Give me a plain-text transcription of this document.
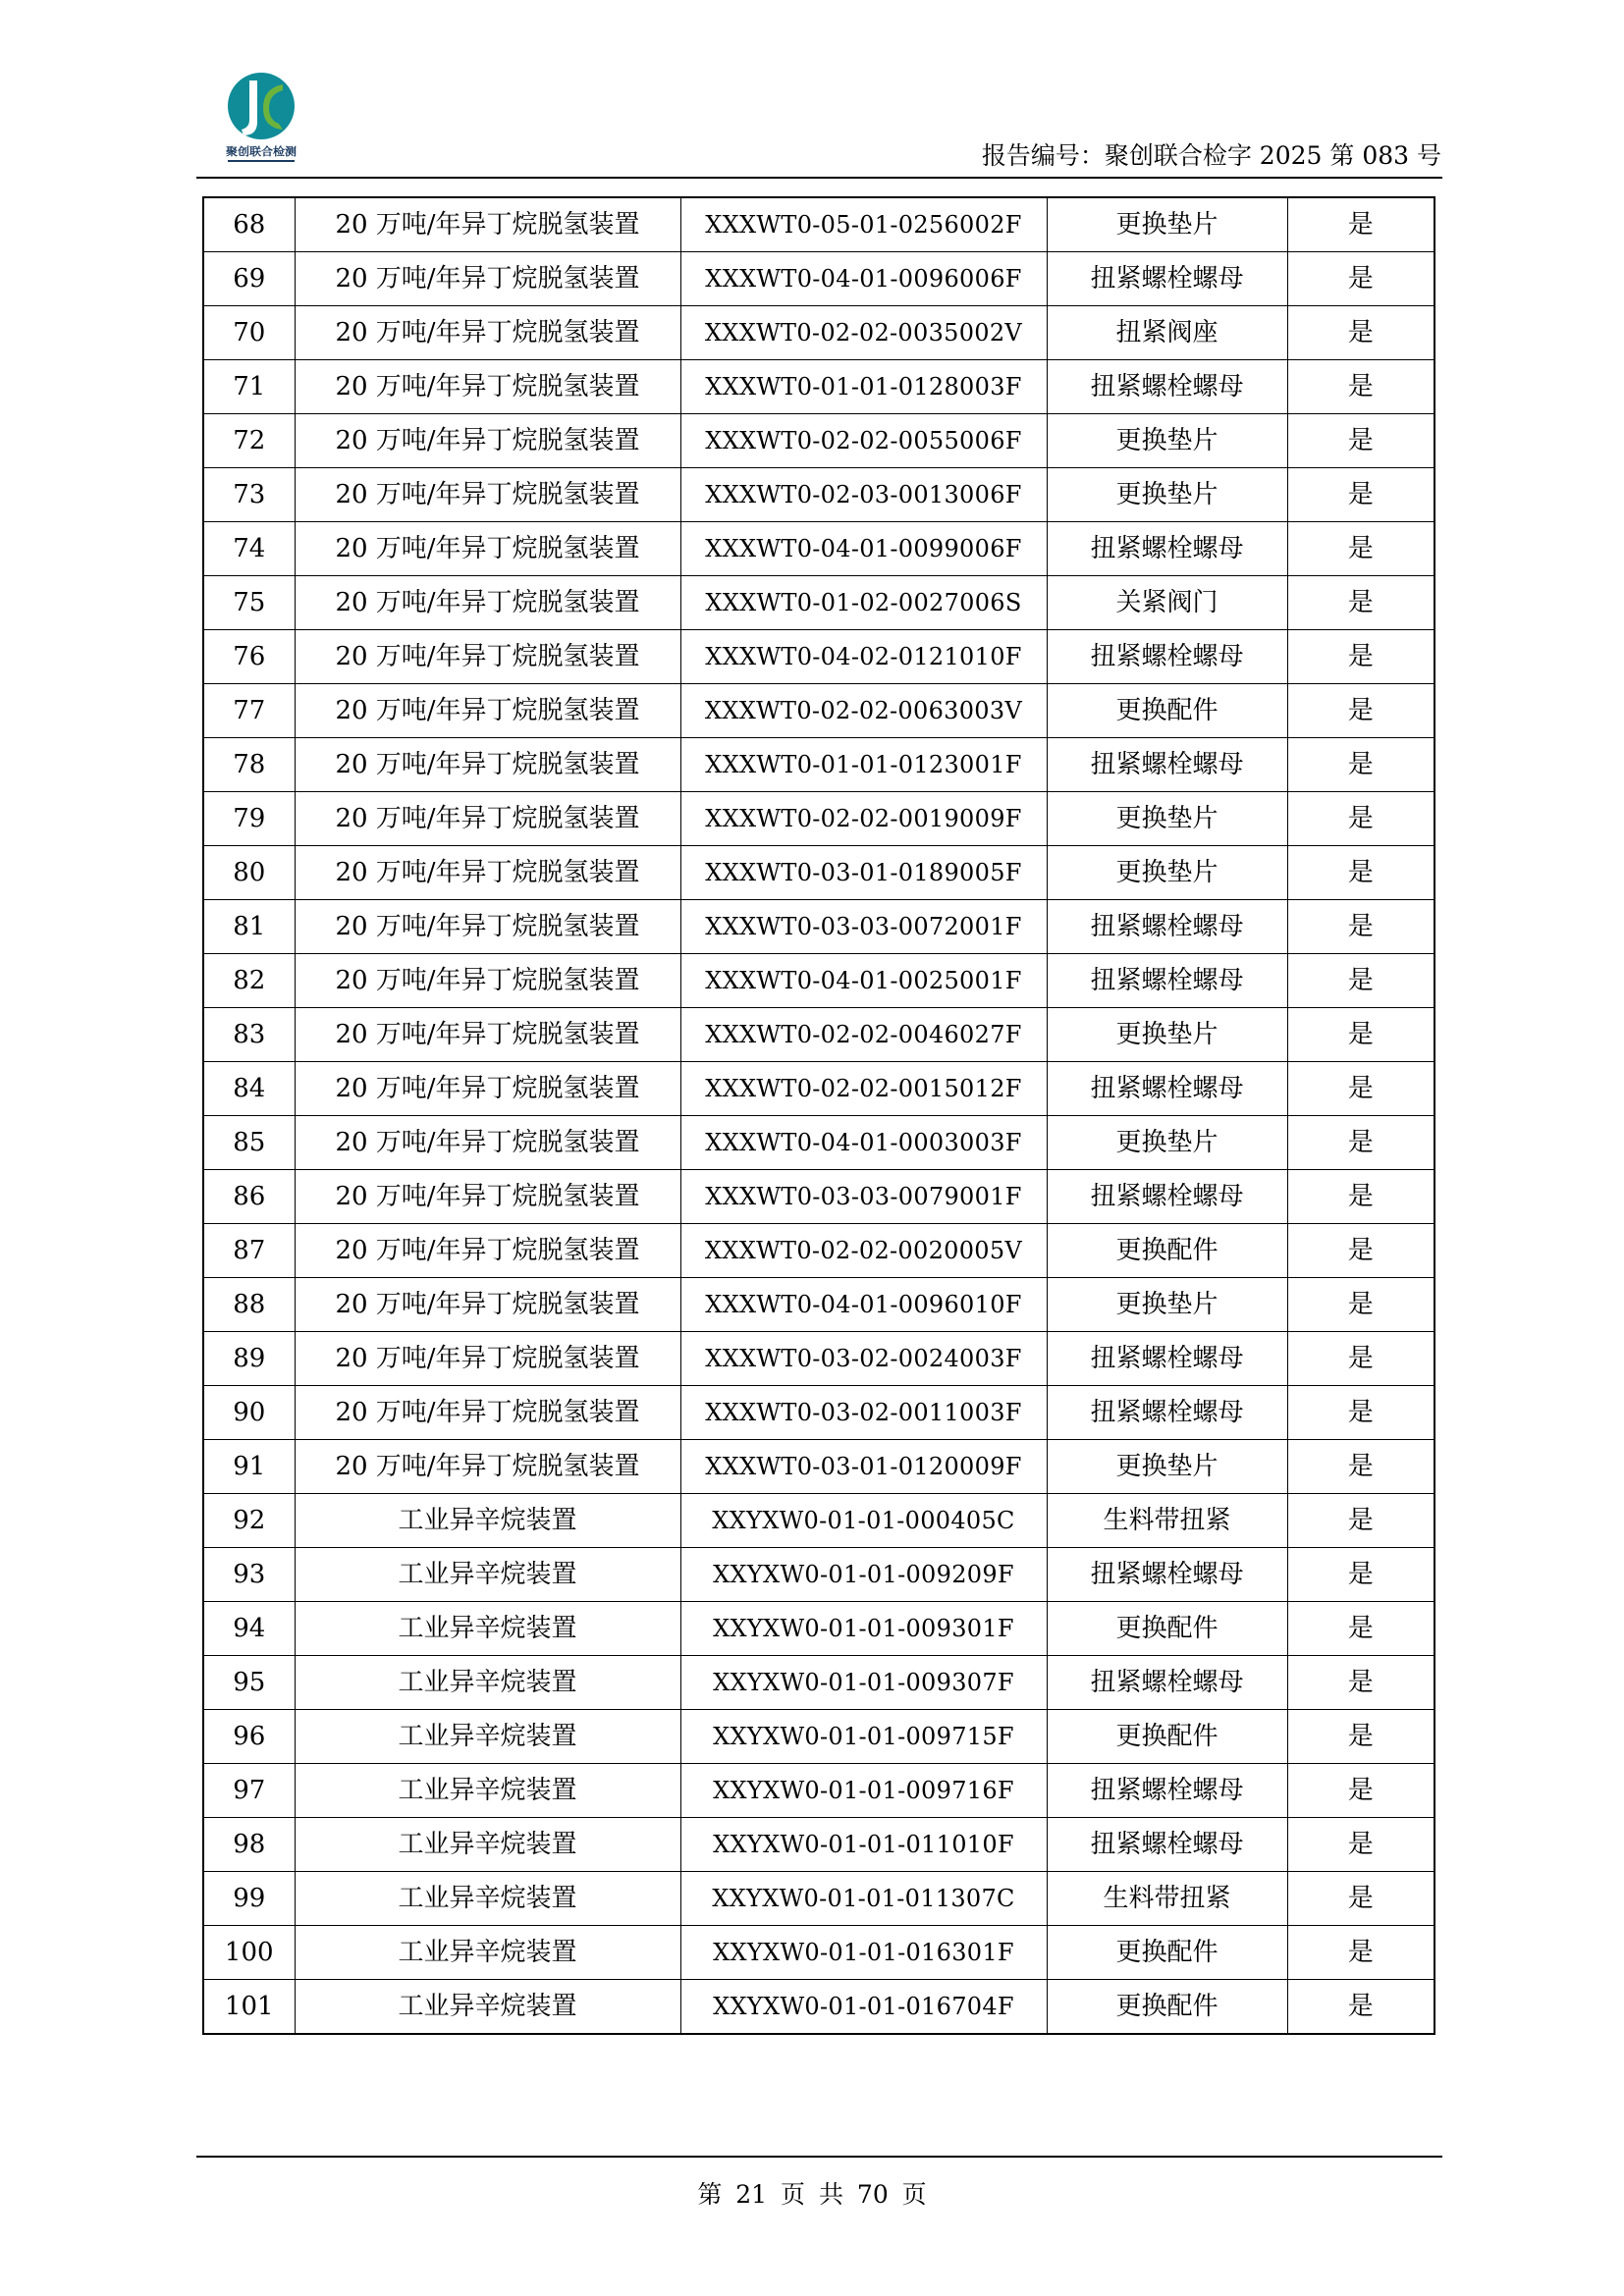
聚创联合检测	报告编号：聚创联合检字 2025 第 083 号
68	20 万吨/年异丁烷脱氢装置	XXXWT0-05-01-0256002F	更换垫片	是
69	20 万吨/年异丁烷脱氢装置	XXXWT0-04-01-0096006F	扭紧螺栓螺母	是
70	20 万吨/年异丁烷脱氢装置	XXXWT0-02-02-0035002V	扭紧阀座	是
71	20 万吨/年异丁烷脱氢装置	XXXWT0-01-01-0128003F	扭紧螺栓螺母	是
72	20 万吨/年异丁烷脱氢装置	XXXWT0-02-02-0055006F	更换垫片	是
73	20 万吨/年异丁烷脱氢装置	XXXWT0-02-03-0013006F	更换垫片	是
74	20 万吨/年异丁烷脱氢装置	XXXWT0-04-01-0099006F	扭紧螺栓螺母	是
75	20 万吨/年异丁烷脱氢装置	XXXWT0-01-02-0027006S	关紧阀门	是
76	20 万吨/年异丁烷脱氢装置	XXXWT0-04-02-0121010F	扭紧螺栓螺母	是
77	20 万吨/年异丁烷脱氢装置	XXXWT0-02-02-0063003V	更换配件	是
78	20 万吨/年异丁烷脱氢装置	XXXWT0-01-01-0123001F	扭紧螺栓螺母	是
79	20 万吨/年异丁烷脱氢装置	XXXWT0-02-02-0019009F	更换垫片	是
80	20 万吨/年异丁烷脱氢装置	XXXWT0-03-01-0189005F	更换垫片	是
81	20 万吨/年异丁烷脱氢装置	XXXWT0-03-03-0072001F	扭紧螺栓螺母	是
82	20 万吨/年异丁烷脱氢装置	XXXWT0-04-01-0025001F	扭紧螺栓螺母	是
83	20 万吨/年异丁烷脱氢装置	XXXWT0-02-02-0046027F	更换垫片	是
84	20 万吨/年异丁烷脱氢装置	XXXWT0-02-02-0015012F	扭紧螺栓螺母	是
85	20 万吨/年异丁烷脱氢装置	XXXWT0-04-01-0003003F	更换垫片	是
86	20 万吨/年异丁烷脱氢装置	XXXWT0-03-03-0079001F	扭紧螺栓螺母	是
87	20 万吨/年异丁烷脱氢装置	XXXWT0-02-02-0020005V	更换配件	是
88	20 万吨/年异丁烷脱氢装置	XXXWT0-04-01-0096010F	更换垫片	是
89	20 万吨/年异丁烷脱氢装置	XXXWT0-03-02-0024003F	扭紧螺栓螺母	是
90	20 万吨/年异丁烷脱氢装置	XXXWT0-03-02-0011003F	扭紧螺栓螺母	是
91	20 万吨/年异丁烷脱氢装置	XXXWT0-03-01-0120009F	更换垫片	是
92	工业异辛烷装置	XXYXW0-01-01-000405C	生料带扭紧	是
93	工业异辛烷装置	XXYXW0-01-01-009209F	扭紧螺栓螺母	是
94	工业异辛烷装置	XXYXW0-01-01-009301F	更换配件	是
95	工业异辛烷装置	XXYXW0-01-01-009307F	扭紧螺栓螺母	是
96	工业异辛烷装置	XXYXW0-01-01-009715F	更换配件	是
97	工业异辛烷装置	XXYXW0-01-01-009716F	扭紧螺栓螺母	是
98	工业异辛烷装置	XXYXW0-01-01-011010F	扭紧螺栓螺母	是
99	工业异辛烷装置	XXYXW0-01-01-011307C	生料带扭紧	是
100	工业异辛烷装置	XXYXW0-01-01-016301F	更换配件	是
101	工业异辛烷装置	XXYXW0-01-01-016704F	更换配件	是
第 21 页 共 70 页
